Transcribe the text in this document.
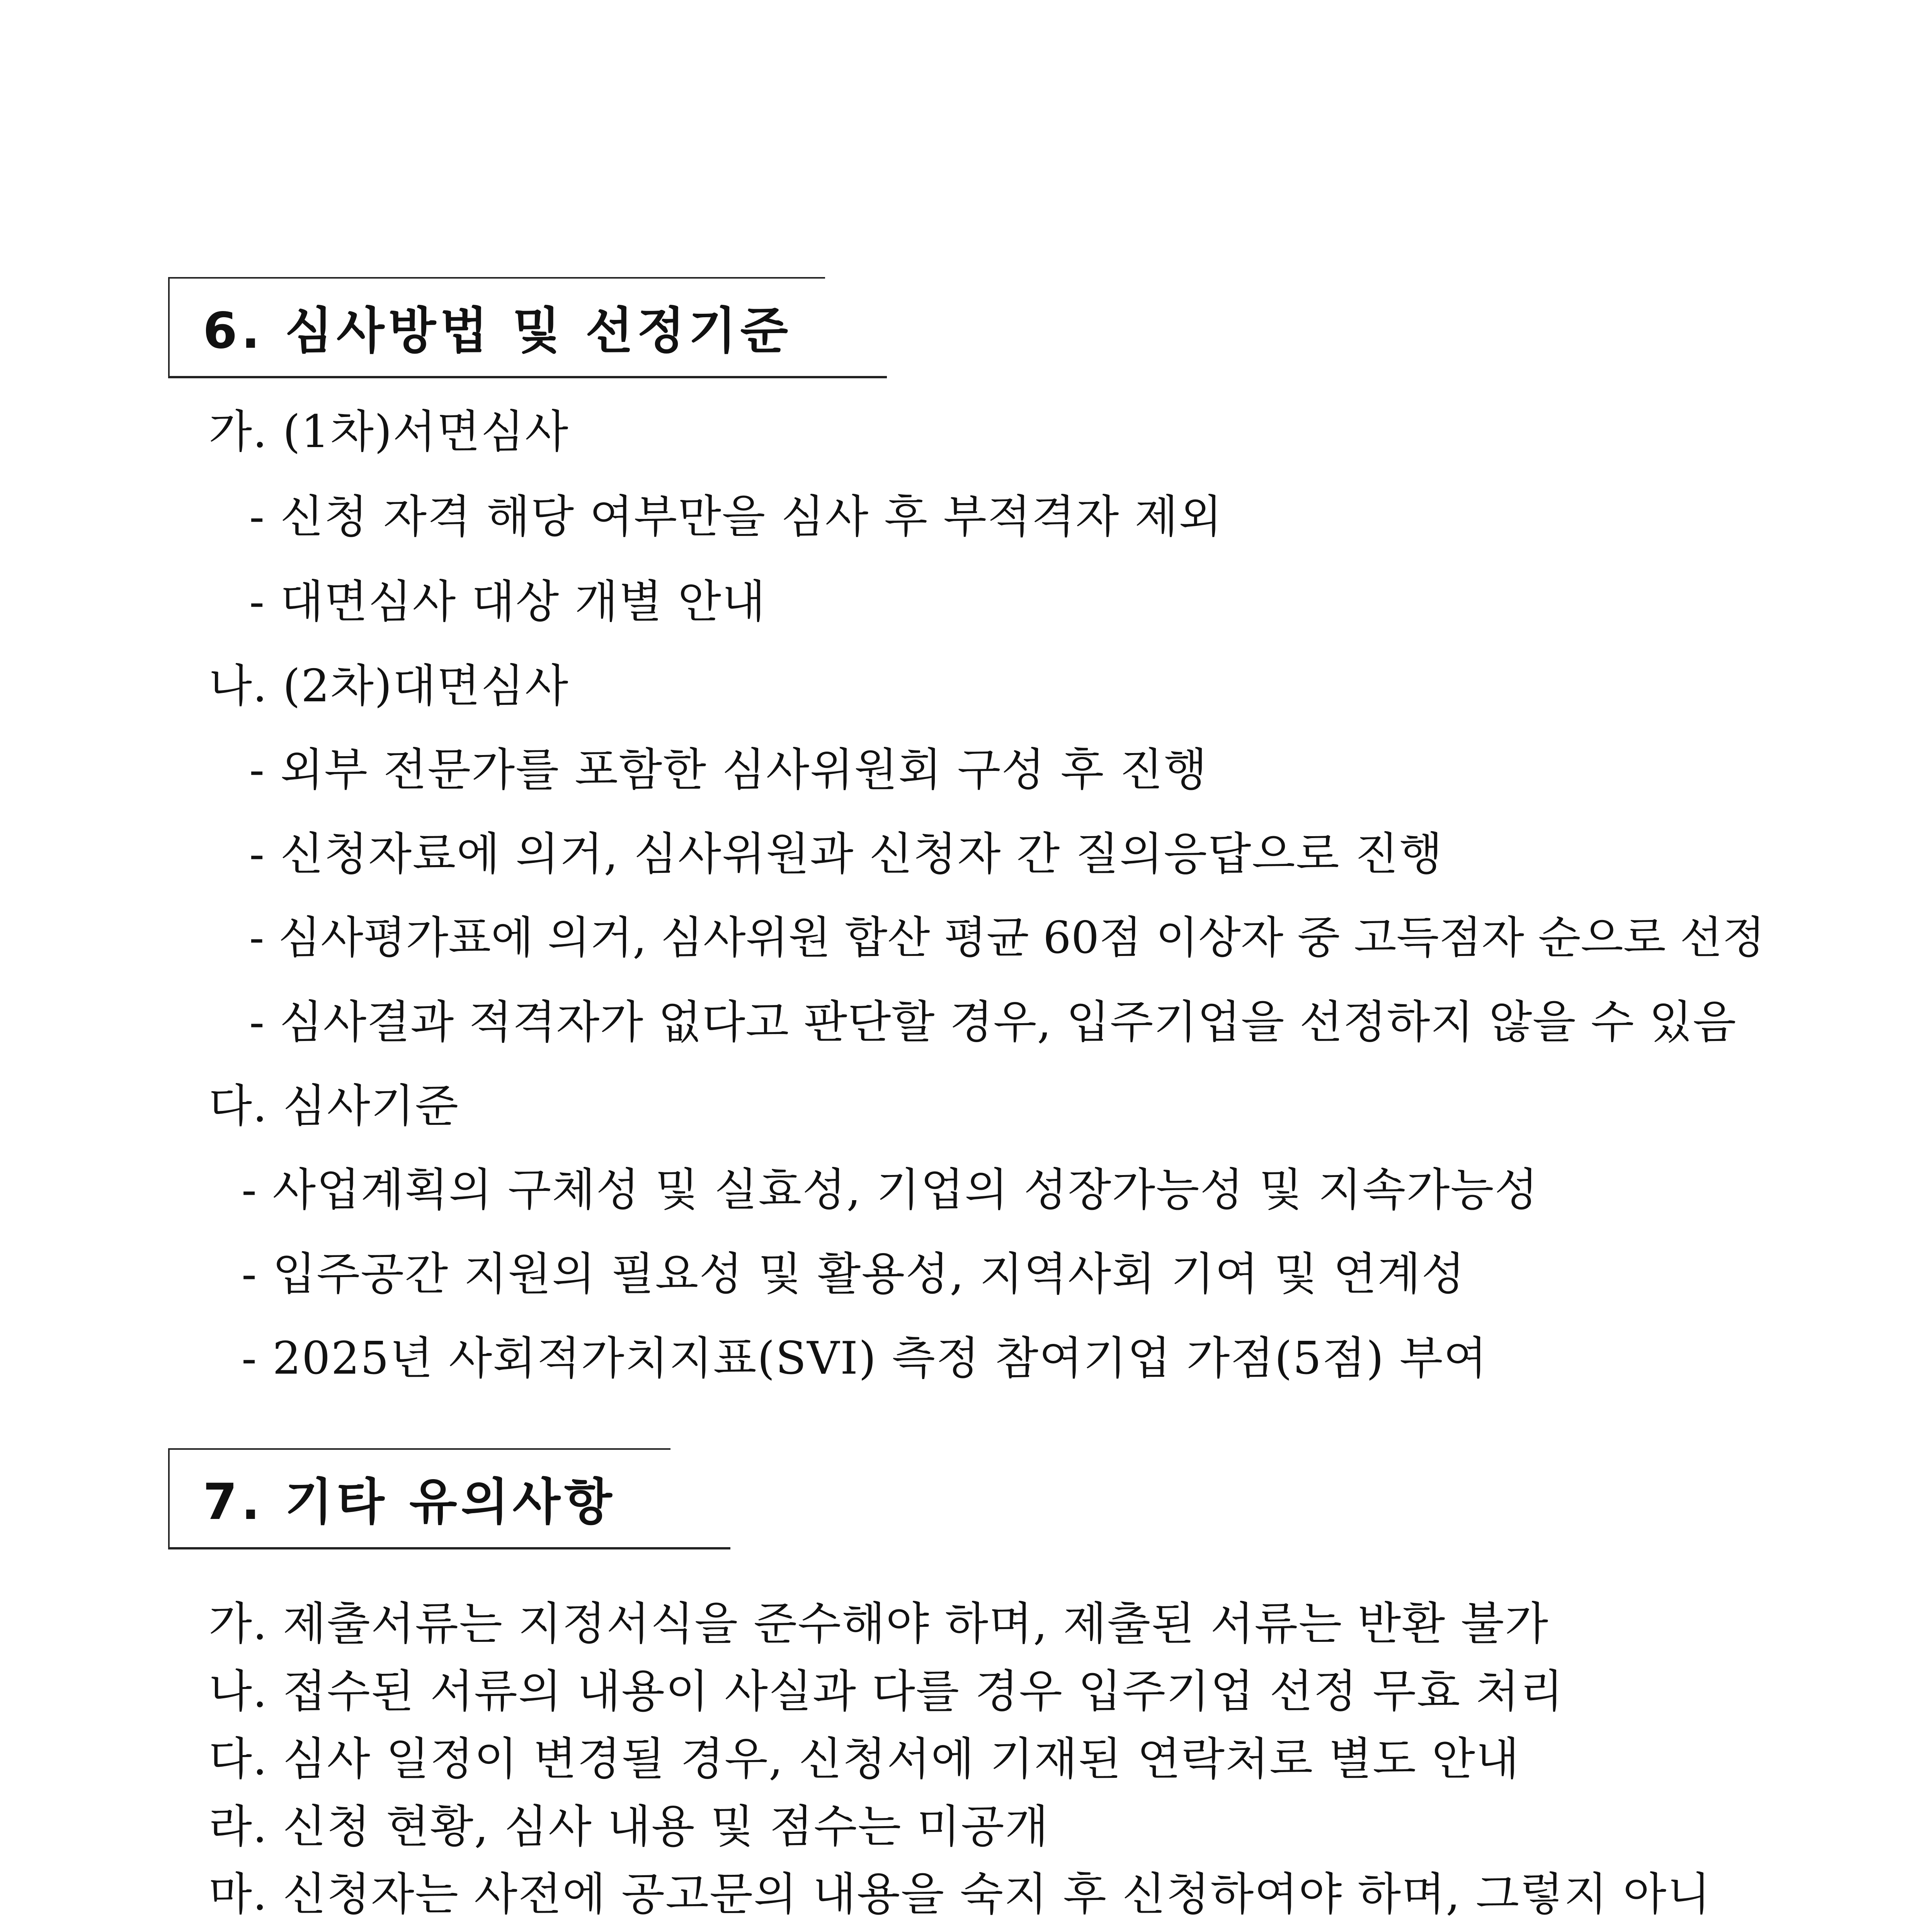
6. 심사방법 및 선정기준
가. (1차)서면심사
- 신청 자격 해당 여부만을 심사 후 부적격자 제외
- 대면심사 대상 개별 안내
나. (2차)대면심사
- 외부 전문가를 포함한 심사위원회 구성 후 진행
- 신청자료에 의거, 심사위원과 신청자 간 질의응답으로 진행
- 심사평가표에 의거, 심사위원 합산 평균 60점 이상자 중 고득점자 순으로 선정
- 심사결과 적격자가 없다고 판단할 경우, 입주기업을 선정하지 않을 수 있음
다. 심사기준
- 사업계획의 구체성 및 실효성, 기업의 성장가능성 및 지속가능성
- 입주공간 지원의 필요성 및 활용성, 지역사회 기여 및 연계성
- 2025년 사회적가치지표(SVI) 측정 참여기업 가점(5점) 부여
7. 기타 유의사항
가. 제출서류는 지정서식을 준수해야 하며, 제출된 서류는 반환 불가
나. 접수된 서류의 내용이 사실과 다를 경우 입주기업 선정 무효 처리
다. 심사 일정이 변경될 경우, 신청서에 기재된 연락처로 별도 안내
라. 신청 현황, 심사 내용 및 점수는 미공개
마. 신청자는 사전에 공고문의 내용을 숙지 후 신청하여야 하며, 그렇지 아니
